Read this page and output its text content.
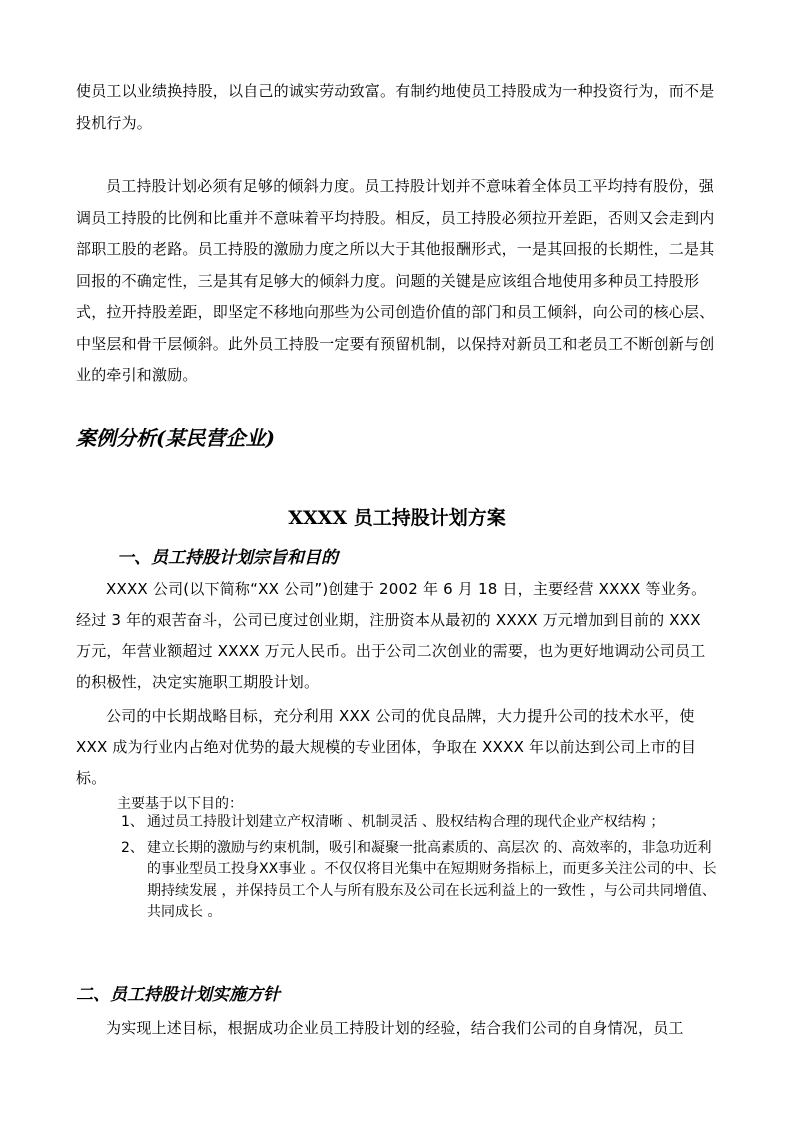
使员工以业绩换持股，以自己的诚实劳动致富。有制约地使员工持股成为一种投资行为，而不是投机行为。

员工持股计划必须有足够的倾斜力度。员工持股计划并不意味着全体员工平均持有股份，强调员工持股的比例和比重并不意味着平均持股。相反，员工持股必须拉开差距，否则又会走到内部职工股的老路。员工持股的激励力度之所以大于其他报酬形式，一是其回报的长期性，二是其回报的不确定性，三是其有足够大的倾斜力度。问题的关键是应该组合地使用多种员工持股形式，拉开持股差距，即坚定不移地向那些为公司创造价值的部门和员工倾斜，向公司的核心层、中坚层和骨干层倾斜。此外员工持股一定要有预留机制，以保持对新员工和老员工不断创新与创业的牵引和激励。

案例分析(某民营企业)
XXXX 员工持股计划方案
一、员工持股计划宗旨和目的

XXXX 公司(以下简称“XX 公司”)创建于 2002 年 6 月 18 日，主要经营 XXXX 等业务。经过 3 年的艰苦奋斗，公司已度过创业期，注册资本从最初的 XXXX 万元增加到目前的 XXX 万元，年营业额超过 XXXX 万元人民币。出于公司二次创业的需要，也为更好地调动公司员工的积极性，决定实施职工期股计划。

公司的中长期战略目标，充分利用 XXX 公司的优良品牌，大力提升公司的技术水平，使 XXX 成为行业内占绝对优势的最大规模的专业团体，争取在 XXXX 年以前达到公司上市的目标。

主要基于以下目的：

1、 通过员工持股计划建立产权清晰 、机制灵活 、股权结构合理的现代企业产权结构 ；
2、 建立长期的激励与约束机制，吸引和凝聚一批高素质的、高层次 的、高效率的，非急功近利的事业型员工投身XX事业 。不仅仅将目光集中在短期财务指标上，而更多关注公司的中、长期持续发展 ，并保持员工个人与所有股东及公司在长远利益上的一致性 ，与公司共同增值、共同成长 。
二、员工持股计划实施方针

为实现上述目标，根据成功企业员工持股计划的经验，结合我们公司的自身情况，员工
